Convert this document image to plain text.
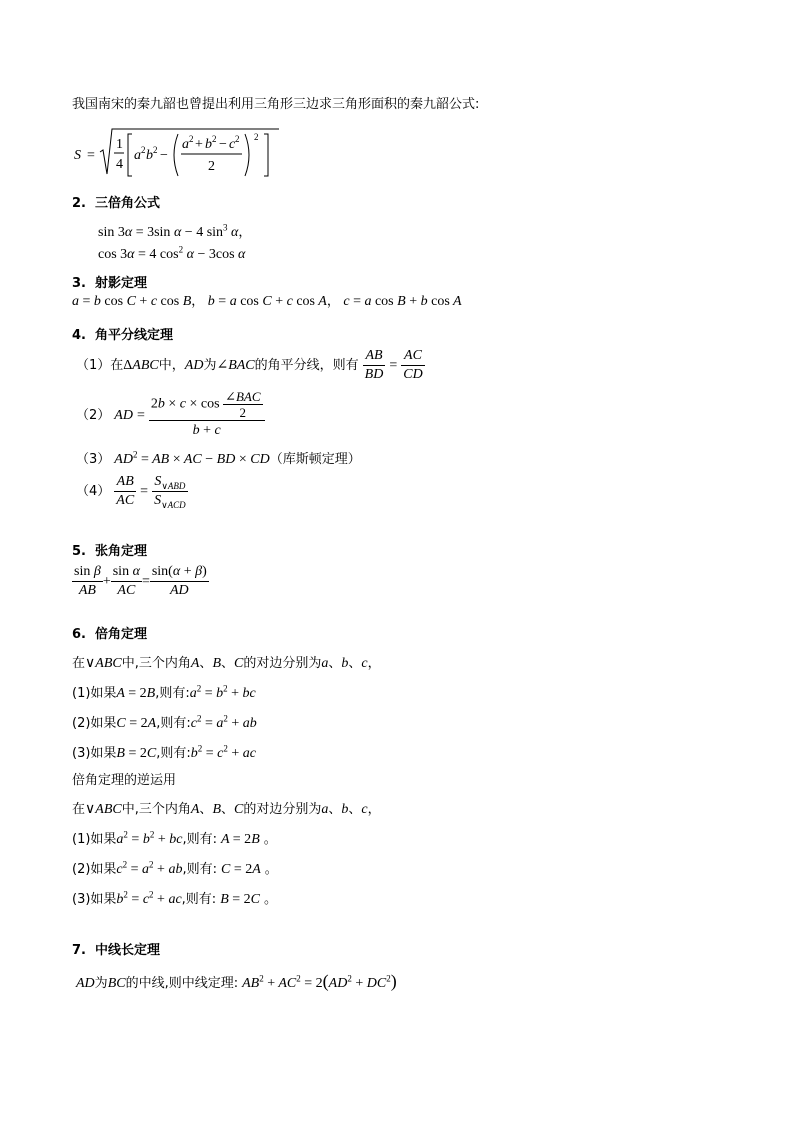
我国南宋的秦九韶也曾提出利用三角形三边求三角形面积的秦九韶公式:
S =
1
4
a 2 b 2 −
a 2 + b 2 − c 2
2
2
2. 三倍角公式
sin 3α = 3sin α − 4 $\sin^3 \alpha$，
cos 3α = 4 $\cos^2 \alpha - 3\cos$ α
3. 射影定理
a = b cos C + c cos B， b = a cos C + c cos A， c = a cos B + b cos A
4. 角平分线定理
（1）在ΔABC中，AD为∠BAC的角平分线，则有 $\frac{AB}{BD} = \frac{AC}{CD}$
（2） AD = $\frac{2b \times c \times \cos \frac{\text{∠BAC}}{2}}{b + c}$
（3） $AD^2$ = AB × AC − BD × CD（库斯顿定理）
$(4) \frac{AB}{AC} = \frac{S_{\vee ABD}}{S_{\vee ACD}}$
5. 张角定理
$\frac{\text{sin β}}{AB} + \frac{\text{sin α}}{AC} = \frac{\sin(\alpha + \beta)}{AD}$
6. 倍角定理
在∨ABC中,三个内角A、B、C的对边分别为a、b、c，
(1)如果A = 2B,则有$:a^2 = b^2$ + bc
(2)如果C = 2A,则有$:c^2 = a^2$ + ab
(3)如果B = 2C,则有$:b^2 = c^2$ + ac
倍角定理的逆运用
在∨ABC中,三个内角A、B、C的对边分别为a、b、c，
(1)如果$a^2 = b^2$ + bc,则有: A = 2B 。
(2)如果$c^2 = a^2$ + ab,则有: C = 2A 。
(3)如果$b^2 = c^2$ + ac,则有: B = 2C 。
7. 中线长定理
AD为BC的中线,则中线定理: $AB^2 + AC^2 = 2(AD^2 + DC^2)$
